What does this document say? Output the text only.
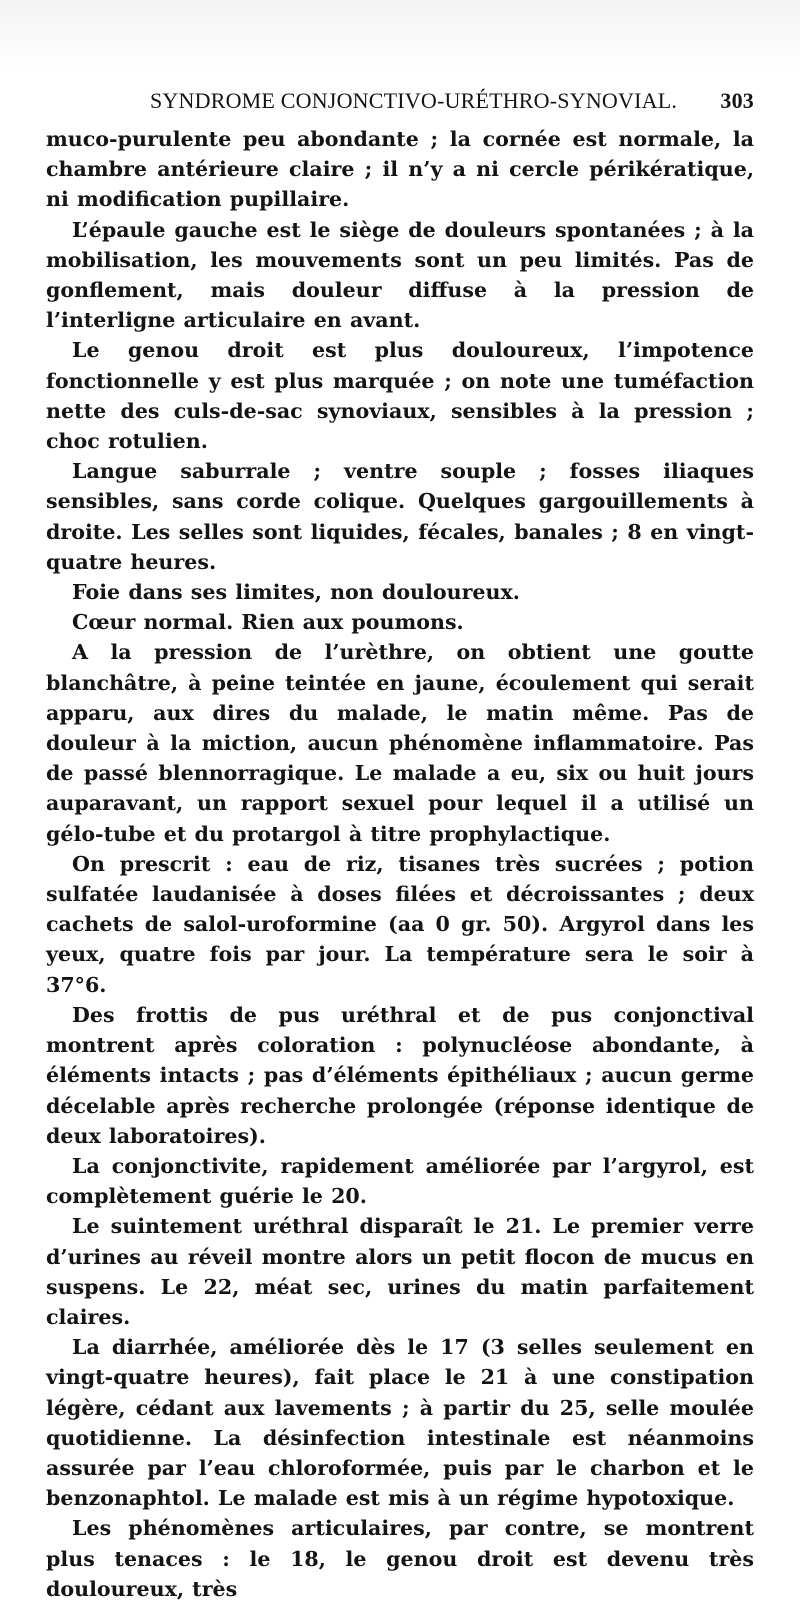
SYNDROME CONJONCTIVO-URÉTHRO-SYNOVIAL. 303

muco-purulente peu abondante ; la cornée est normale, la chambre antérieure claire ; il n’y a ni cercle périkératique, ni modification pupillaire.

L’épaule gauche est le siège de douleurs spontanées ; à la mobilisation, les mouvements sont un peu limités. Pas de gonflement, mais douleur diffuse à la pression de l’interligne articulaire en avant.

Le genou droit est plus douloureux, l’impotence fonctionnelle y est plus marquée ; on note une tuméfaction nette des culs-de-sac synoviaux, sensibles à la pression ; choc rotulien.

Langue saburrale ; ventre souple ; fosses iliaques sensibles, sans corde colique. Quelques gargouillements à droite. Les selles sont liquides, fécales, banales ; 8 en vingt-quatre heures.

Foie dans ses limites, non douloureux.

Cœur normal. Rien aux poumons.

A la pression de l’urèthre, on obtient une goutte blanchâtre, à peine teintée en jaune, écoulement qui serait apparu, aux dires du malade, le matin même. Pas de douleur à la miction, aucun phénomène inflammatoire. Pas de passé blennorragique. Le malade a eu, six ou huit jours auparavant, un rapport sexuel pour lequel il a utilisé un gélo-tube et du protargol à titre prophylactique.

On prescrit : eau de riz, tisanes très sucrées ; potion sulfatée laudanisée à doses filées et décroissantes ; deux cachets de salol-uroformine (aa 0 gr. 50). Argyrol dans les yeux, quatre fois par jour. La température sera le soir à 37°6.

Des frottis de pus uréthral et de pus conjonctival montrent après coloration : polynucléose abondante, à éléments intacts ; pas d’éléments épithéliaux ; aucun germe décelable après recherche prolongée (réponse identique de deux laboratoires).

La conjonctivite, rapidement améliorée par l’argyrol, est complètement guérie le 20.

Le suintement uréthral disparaît le 21. Le premier verre d’urines au réveil montre alors un petit flocon de mucus en suspens. Le 22, méat sec, urines du matin parfaitement claires.

La diarrhée, améliorée dès le 17 (3 selles seulement en vingt-quatre heures), fait place le 21 à une constipation légère, cédant aux lavements ; à partir du 25, selle moulée quotidienne. La désinfection intestinale est néanmoins assurée par l’eau chloroformée, puis par le charbon et le benzonaphtol. Le malade est mis à un régime hypotoxique.

Les phénomènes articulaires, par contre, se montrent plus tenaces : le 18, le genou droit est devenu très douloureux, très
